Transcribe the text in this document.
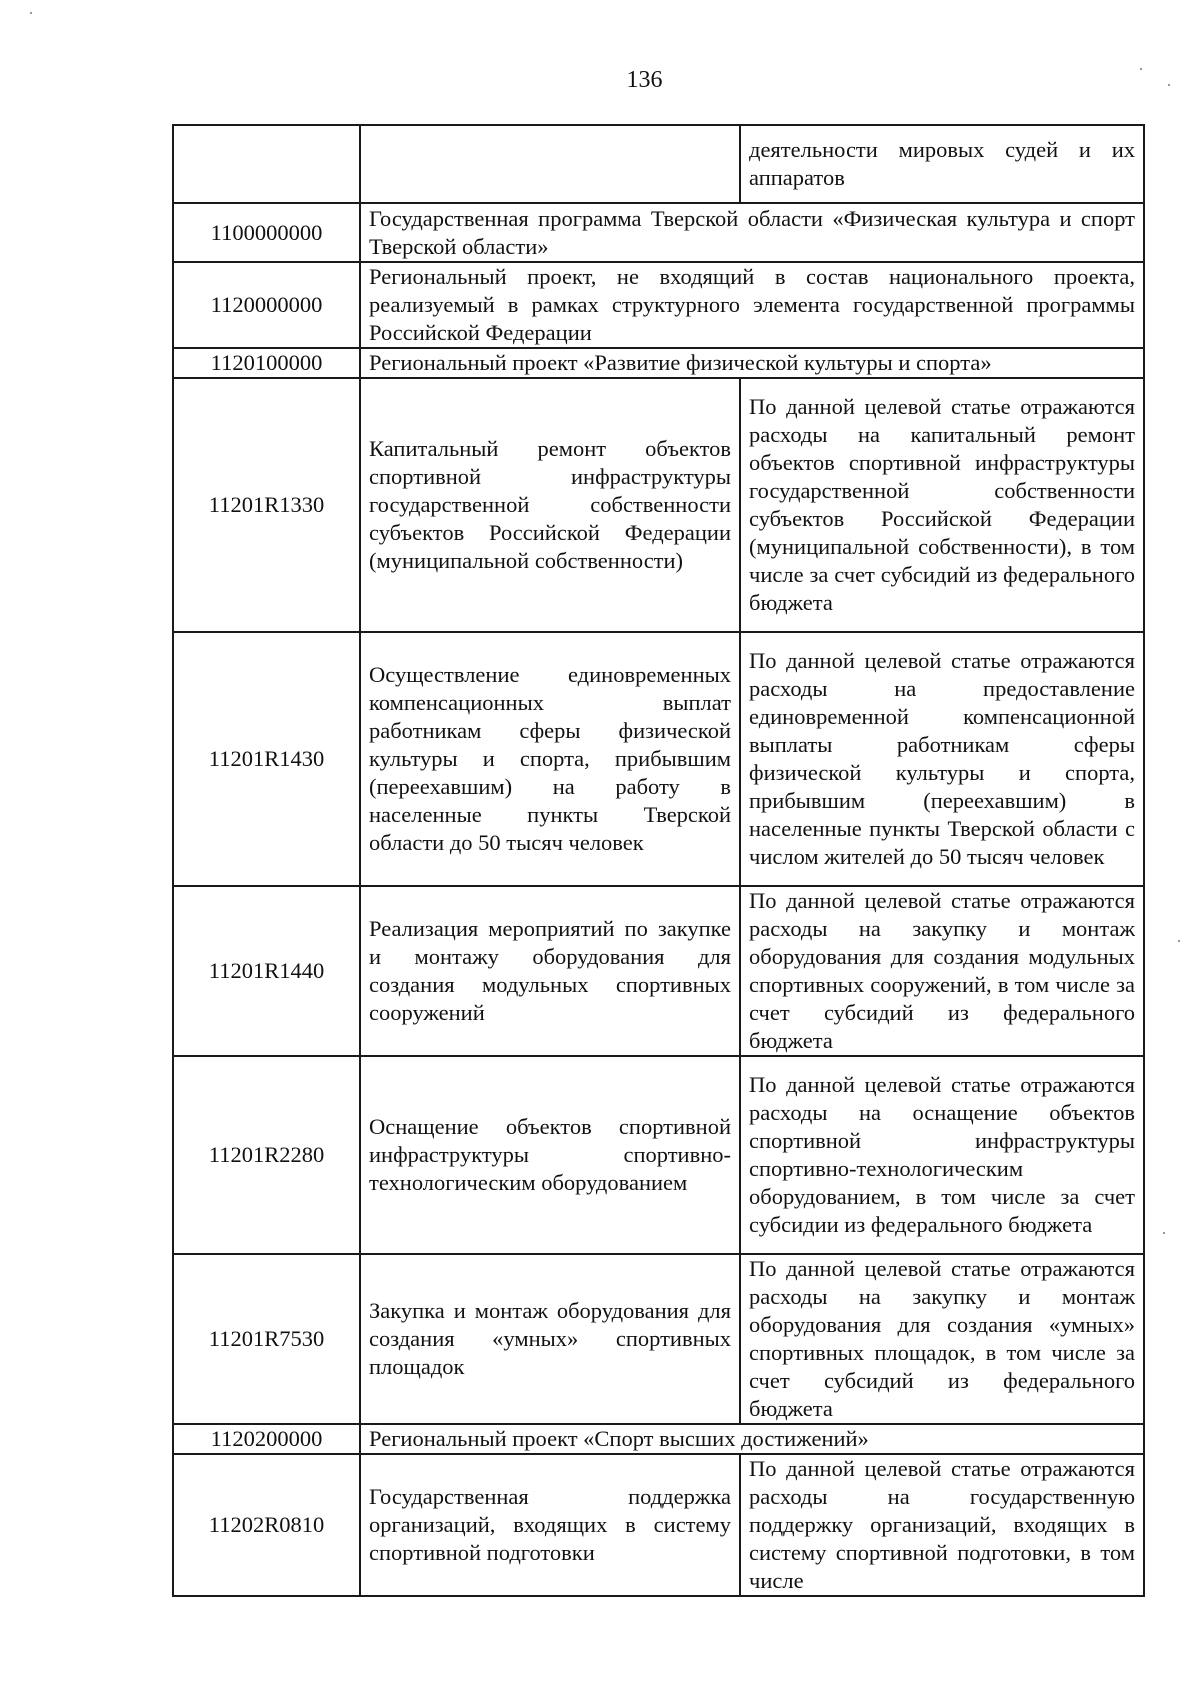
136

		деятельности мировых судей и их аппаратов

1100000000	Государственная программа Тверской области «Физическая культура и спорт Тверской области»	
1120000000	Региональный проект, не входящий в состав национального проекта, реализуемый в рамках структурного элемента государственной программы Российской Федерации	
1120100000	Региональный проект «Развитие физической культуры и спорта»	
11201R1330	Капитальный ремонт объектов спортивной инфраструктуры государственной собственности субъектов Российской Федерации (муниципальной собственности)	По данной целевой статье отражаются расходы на капитальный ремонт объектов спортивной инфраструктуры государственной собственности субъектов Российской Федерации (муниципальной собственности), в том числе за счет субсидий из федерального бюджета
11201R1430	Осуществление единовременных компенсационных выплат работникам сферы физической культуры и спорта, прибывшим (переехавшим) на работу в населенные пункты Тверской области до 50 тысяч человек	По данной целевой статье отражаются расходы на предоставление единовременной компенсационной выплаты работникам сферы физической культуры и спорта, прибывшим (переехавшим) в населенные пункты Тверской области с числом жителей до 50 тысяч человек
11201R1440	Реализация мероприятий по закупке и монтажу оборудования для создания модульных спортивных сооружений	По данной целевой статье отражаются расходы на закупку и монтаж оборудования для создания модульных спортивных сооружений, в том числе за счет субсидий из федерального бюджета
11201R2280	Оснащение объектов спортивной инфраструктуры спортивно-технологическим оборудованием	По данной целевой статье отражаются расходы на оснащение объектов спортивной инфраструктуры спортивно-технологическим оборудованием, в том числе за счет субсидии из федерального бюджета
11201R7530	Закупка и монтаж оборудования для создания «умных» спортивных площадок	По данной целевой статье отражаются расходы на закупку и монтаж оборудования для создания «умных» спортивных площадок, в том числе за счет субсидий из федерального бюджета
1120200000	Региональный проект «Спорт высших достижений»	
11202R0810	Государственная поддержка организаций, входящих в систему спортивной подготовки	По данной целевой статье отражаются расходы на государственную поддержку организаций, входящих в систему спортивной подготовки, в том числе
